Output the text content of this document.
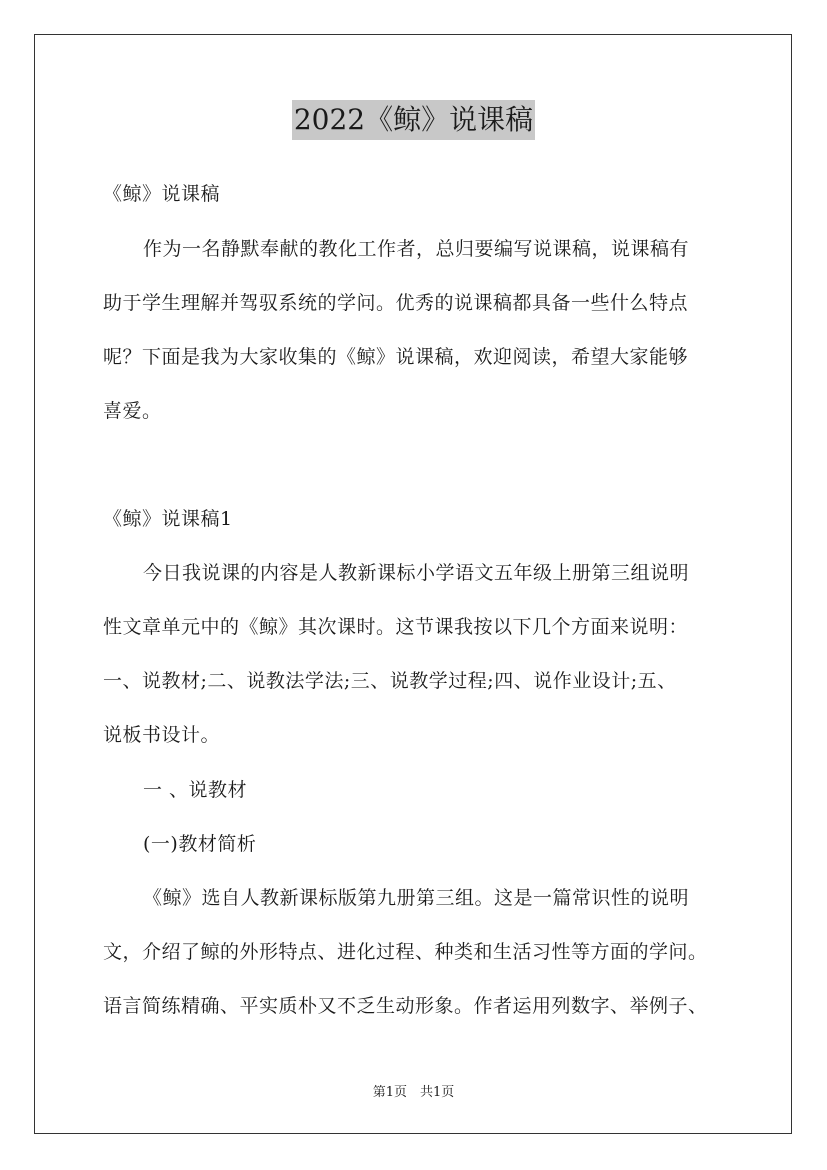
2022《鲸》说课稿
《鲸》说课稿
作为一名静默奉献的教化工作者，总归要编写说课稿，说课稿有
助于学生理解并驾驭系统的学问。优秀的说课稿都具备一些什么特点
呢？下面是我为大家收集的《鲸》说课稿，欢迎阅读，希望大家能够
喜爱。
《鲸》说课稿1
今日我说课的内容是人教新课标小学语文五年级上册第三组说明
性文章单元中的《鲸》其次课时。这节课我按以下几个方面来说明：
一、说教材;二、说教法学法;三、说教学过程;四、说作业设计;五、
说板书设计。
一 、说教材
(一)教材简析
《鲸》选自人教新课标版第九册第三组。这是一篇常识性的说明
文，介绍了鲸的外形特点、进化过程、种类和生活习性等方面的学问。
语言简练精确、平实质朴又不乏生动形象。作者运用列数字、举例子、
第1页　共1页
